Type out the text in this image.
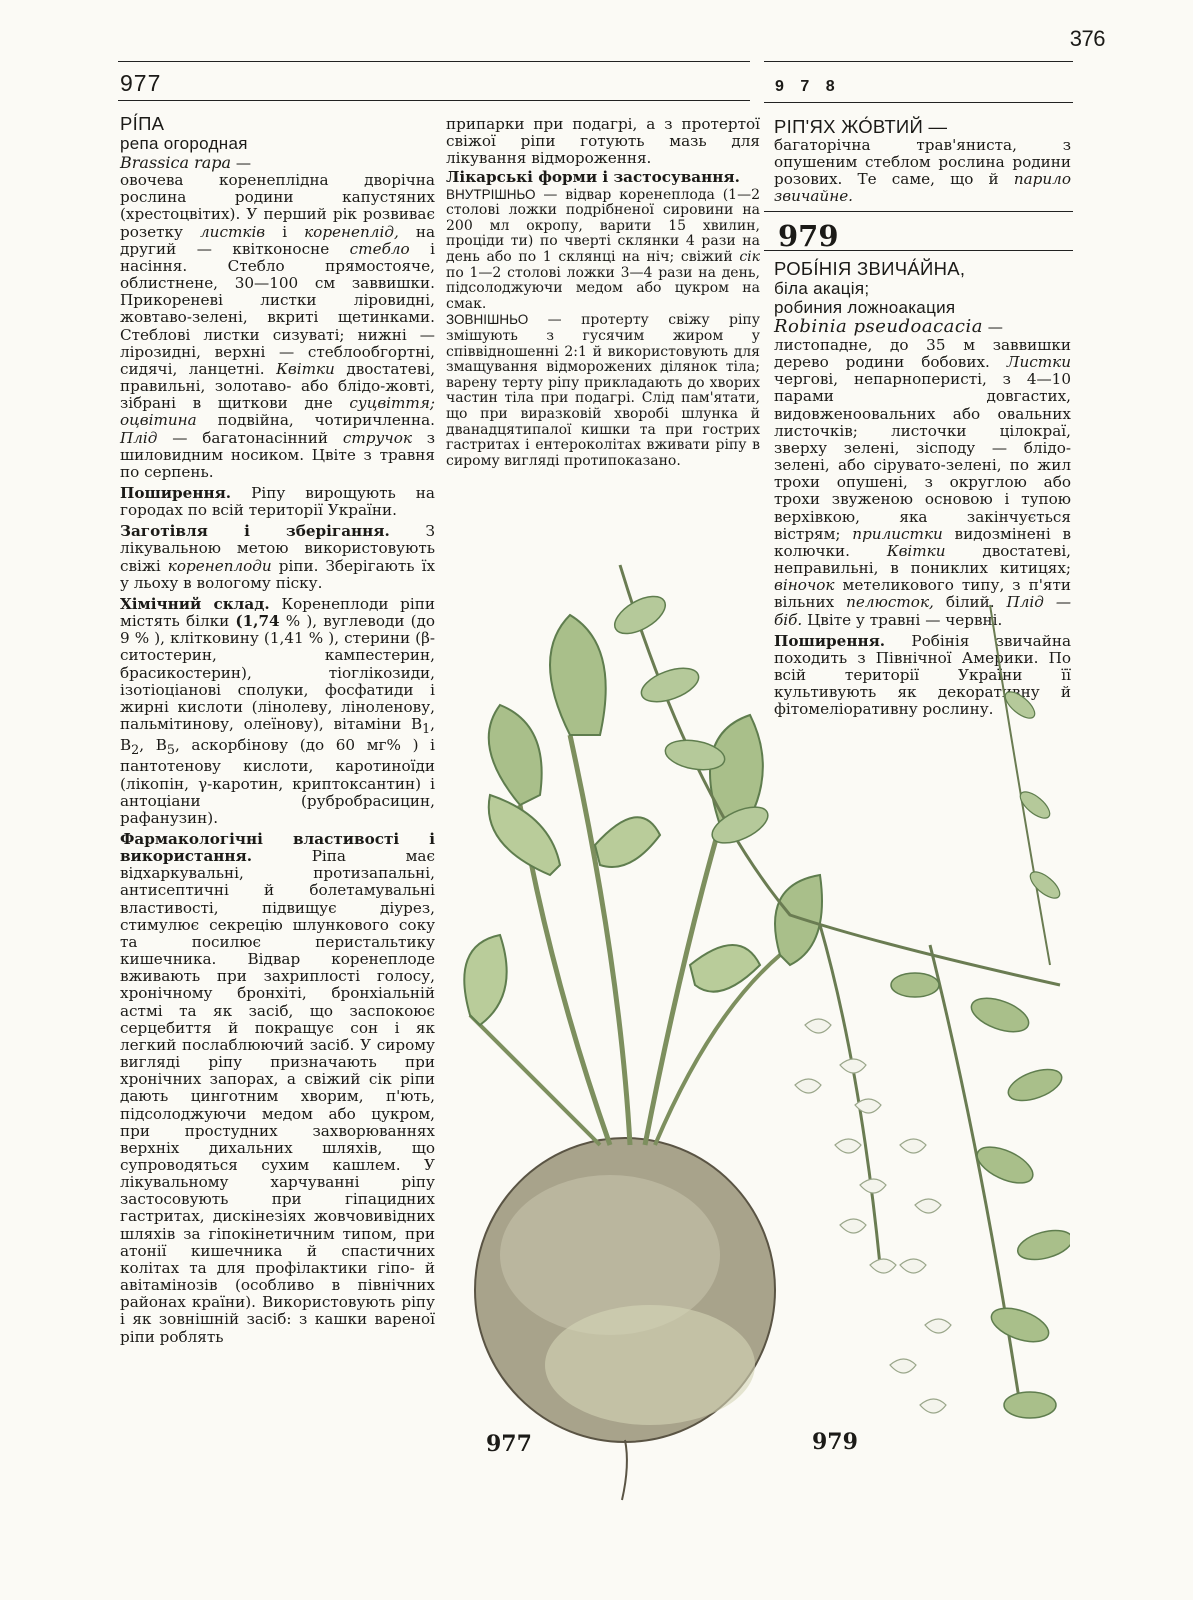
376
977	9 7 8
979

РІ́ПА

репа огородная

Brassica rapa —

овочева коренеплідна дворічна рослина родини капустяних (хрестоцвітих). У перший рік розвиває розетку листків і коренеплід, на другий — квітконосне стебло і насіння. Стебло прямостояче, облистнене, 30—100 см заввишки. Прикореневі листки ліровидні, жовтаво-зелені, вкриті щетинками. Стеблові листки сизуваті; нижні — лірозидні, верхні — стеблообгортні, сидячі, ланцетні. Квітки двостатеві, правильні, золотаво- або блідо-жовті, зібрані в щиткови дне суцвіття; оцвітина подвійна, чотиричленна. Плід — багатонасінний стручок з шиловидним носиком. Цвіте з травня по серпень.

Поширення. Ріпу вирощують на городах по всій території України.

Заготівля і зберігання. З лікувальною метою використовують свіжі коренеплоди ріпи. Зберігають їх у льоху в вологому піску.

Хімічний склад. Коренеплоди ріпи містять білки (1,74 % ), вуглеводи (до 9 % ), клітковину (1,41 % ), стерини (β-ситостерин, кампестерин, брасикостерин), тіоглікозиди, ізотіоціанові сполуки, фосфатиди і жирні кислоти (лінолеву, ліноленову, пальмітинову, олеїнову), вітаміни $B_1$, $B_2$, $B_5$, аскорбінову (до 60 мг% ) і пантотенову кислоти, каротиноїди (лікопін, γ-каротин, криптоксантин) і антоціани (рубробрасицин, рафанузин).

Фармакологічні властивості і використання.	Ріпа має відхаркувальні, протизапальні, антисептичні й болетамувальні властивості, підвищує діурез, стимулює секрецію шлункового соку та посилює перистальтику кишечника. Відвар коренеплоде вживають при захриплості голосу, хронічному бронхіті, бронхіальній астмі та як засіб, що заспокоює серцебиття й покращує сон і як легкий послаблюючий засіб. У сирому вигляді ріпу призначають при хронічних запорах, а свіжий сік ріпи дають цинготним хворим, п'ють, підсолоджуючи медом або цукром, при простудних захворюваннях верхніх дихальних шляхів, що супроводяться сухим кашлем. У лікувальному харчуванні ріпу застосовують при гіпацидних гастритах, дискінезіях жовчовивідних шляхів за гіпокінетичним типом, при атонії кишечника й спастичних колітах та для профілактики гіпо- й авітамінозів (особливо в північних районах країни). Використовують ріпу і як зовнішній засіб: з кашки вареної ріпи роблять

припарки при подагрі, а з протертої свіжої ріпи готують мазь для лікування відмороження.

Лікарські форми і застосування.

ВНУТРІШНЬО — відвар коренеплода (1—2 столові ложки подрібненої сировини на 200 мл окропу, варити 15 хвилин, проціди ти) по чверті склянки 4 рази на день або по 1 склянці на ніч; свіжий сік по 1—2 столові ложки 3—4 рази на день, підсолоджуючи медом або цукром на смак.

ЗОВНІШНЬО — протерту свіжу ріпу змішують з гусячим жиром у співвідношенні 2:1 й використовують для змащування відморожених ділянок тіла; варену терту ріпу прикладають до хворих частин тіла при подагрі. Слід пам'ятати, що при виразковій хворобі шлунка й дванадцятипалої кишки та при гострих гастритах і ентероколітах вживати ріпу в сирому вигляді протипоказано.

РІП'ЯХ ЖО́ВТИЙ —

багаторічна трав'яниста, з опушеним стеблом рослина родини розових. Те саме, що й парило звичайне.

РОБІ́НІЯ ЗВИЧА́ЙНА,

біла акація;

робиния ложноакация

Robinia pseudoacacia —

листопадне, до 35 м заввишки дерево родини бобових. Листки чергові, непарноперисті, з 4—10 парами довгастих, видовженоовальних або овальних листочків; листочки цілокраї, зверху зелені, зісподу — блідо-зелені, або сірувато-зелені, по жил трохи опушені, з округлою або трохи звуженою основою і тупою верхівкою, яка закінчується вістрям; прилистки видозмінені в колючки. Квітки двостатеві, неправильні, в пониклих китицях; віночок метеликового типу, з п'яти вільних пелюсток, білий. Плід — біб. Цвіте у травні — червні.

Поширення. Робінія звичайна походить з Північної Америки. По всій території України її культивують як декоративну й фітомеліоративну рослину.

977	979
